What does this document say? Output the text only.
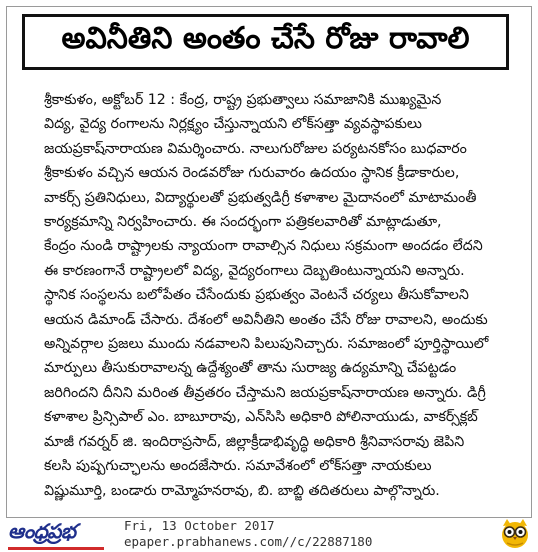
అవినీతిని అంతం చేసే రోజు రావాలి
శ్రీకాకుళం, అక్టోబర్ 12 : కేంద్ర, రాష్ట్ర ప్రభుత్వాలు సమాజానికి ముఖ్యమైన
విద్య, వైద్య రంగాలను నిర్లక్ష్యం చేస్తున్నాయని లోక్‌సత్తా వ్యవస్థాపకులు
జయప్రకాష్‌నారాయణ విమర్శించారు. నాలుగురోజుల పర్యటనకోసం బుధవారం
శ్రీకాకుళం వచ్చిన ఆయన రెండవరోజు గురువారం ఉదయం స్థానిక క్రీడాకారుల,
వాకర్స్ ప్రతినిధులు, విద్యార్థులతో ప్రభుత్వడిగ్రీ కళాశాల మైదానంలో మాటామంతీ
కార్యక్రమాన్ని నిర్వహించారు. ఈ సందర్భంగా పత్రికలవారితో మాట్లాడుతూ,
కేంద్రం నుండి రాష్ట్రాలకు న్యాయంగా రావాల్సిన నిధులు సక్రమంగా అందడం లేదని
ఈ కారణంగానే రాష్ట్రాలలో విద్య, వైద్యరంగాలు దెబ్బతింటున్నాయని అన్నారు.
స్థానిక సంస్థలను బలోపేతం చేసేందుకు ప్రభుత్వం వెంటనే చర్యలు తీసుకోవాలని
ఆయన డిమాండ్ చేసారు. దేశంలో అవినీతిని అంతం చేసే రోజు రావాలని, అందుకు
అన్నివర్గాల ప్రజలు ముందు నడవాలని పిలుపునిచ్చారు. సమాజంలో పూర్తిస్థాయిలో
మార్పులు తీసుకురావాలన్న ఉద్దేశ్యంతో తాను సురాజ్య ఉద్యమాన్ని చేపట్టడం
జరిగిందని దీనిని మరింత తీవ్రతరం చేస్తామని జయప్రకాష్‌నారాయణ అన్నారు. డిగ్రీ
కళాశాల ప్రిన్సిపాల్ ఎం. బాబూరావు, ఎన్‌సిసి అధికారి పోలినాయుడు, వాకర్స్‌క్లబ్
మాజీ గవర్నర్ జి. ఇందిరాప్రసాద్, జిల్లాక్రీడాభివృద్ధి అధికారి శ్రీనివాసరావు జెపిని
కలసి పుష్పగుచ్ఛాలను అందజేసారు. సమావేశంలో లోక్‌సత్తా నాయకులు
విష్ణుమూర్తి, బండారు రామ్మోహనరావు, బి. బాబ్జి తదితరులు పాల్గొన్నారు.
ఆంధ్రప్రభ	Fri, 13 October 2017
epaper.prabhanews.com//c/22887180
